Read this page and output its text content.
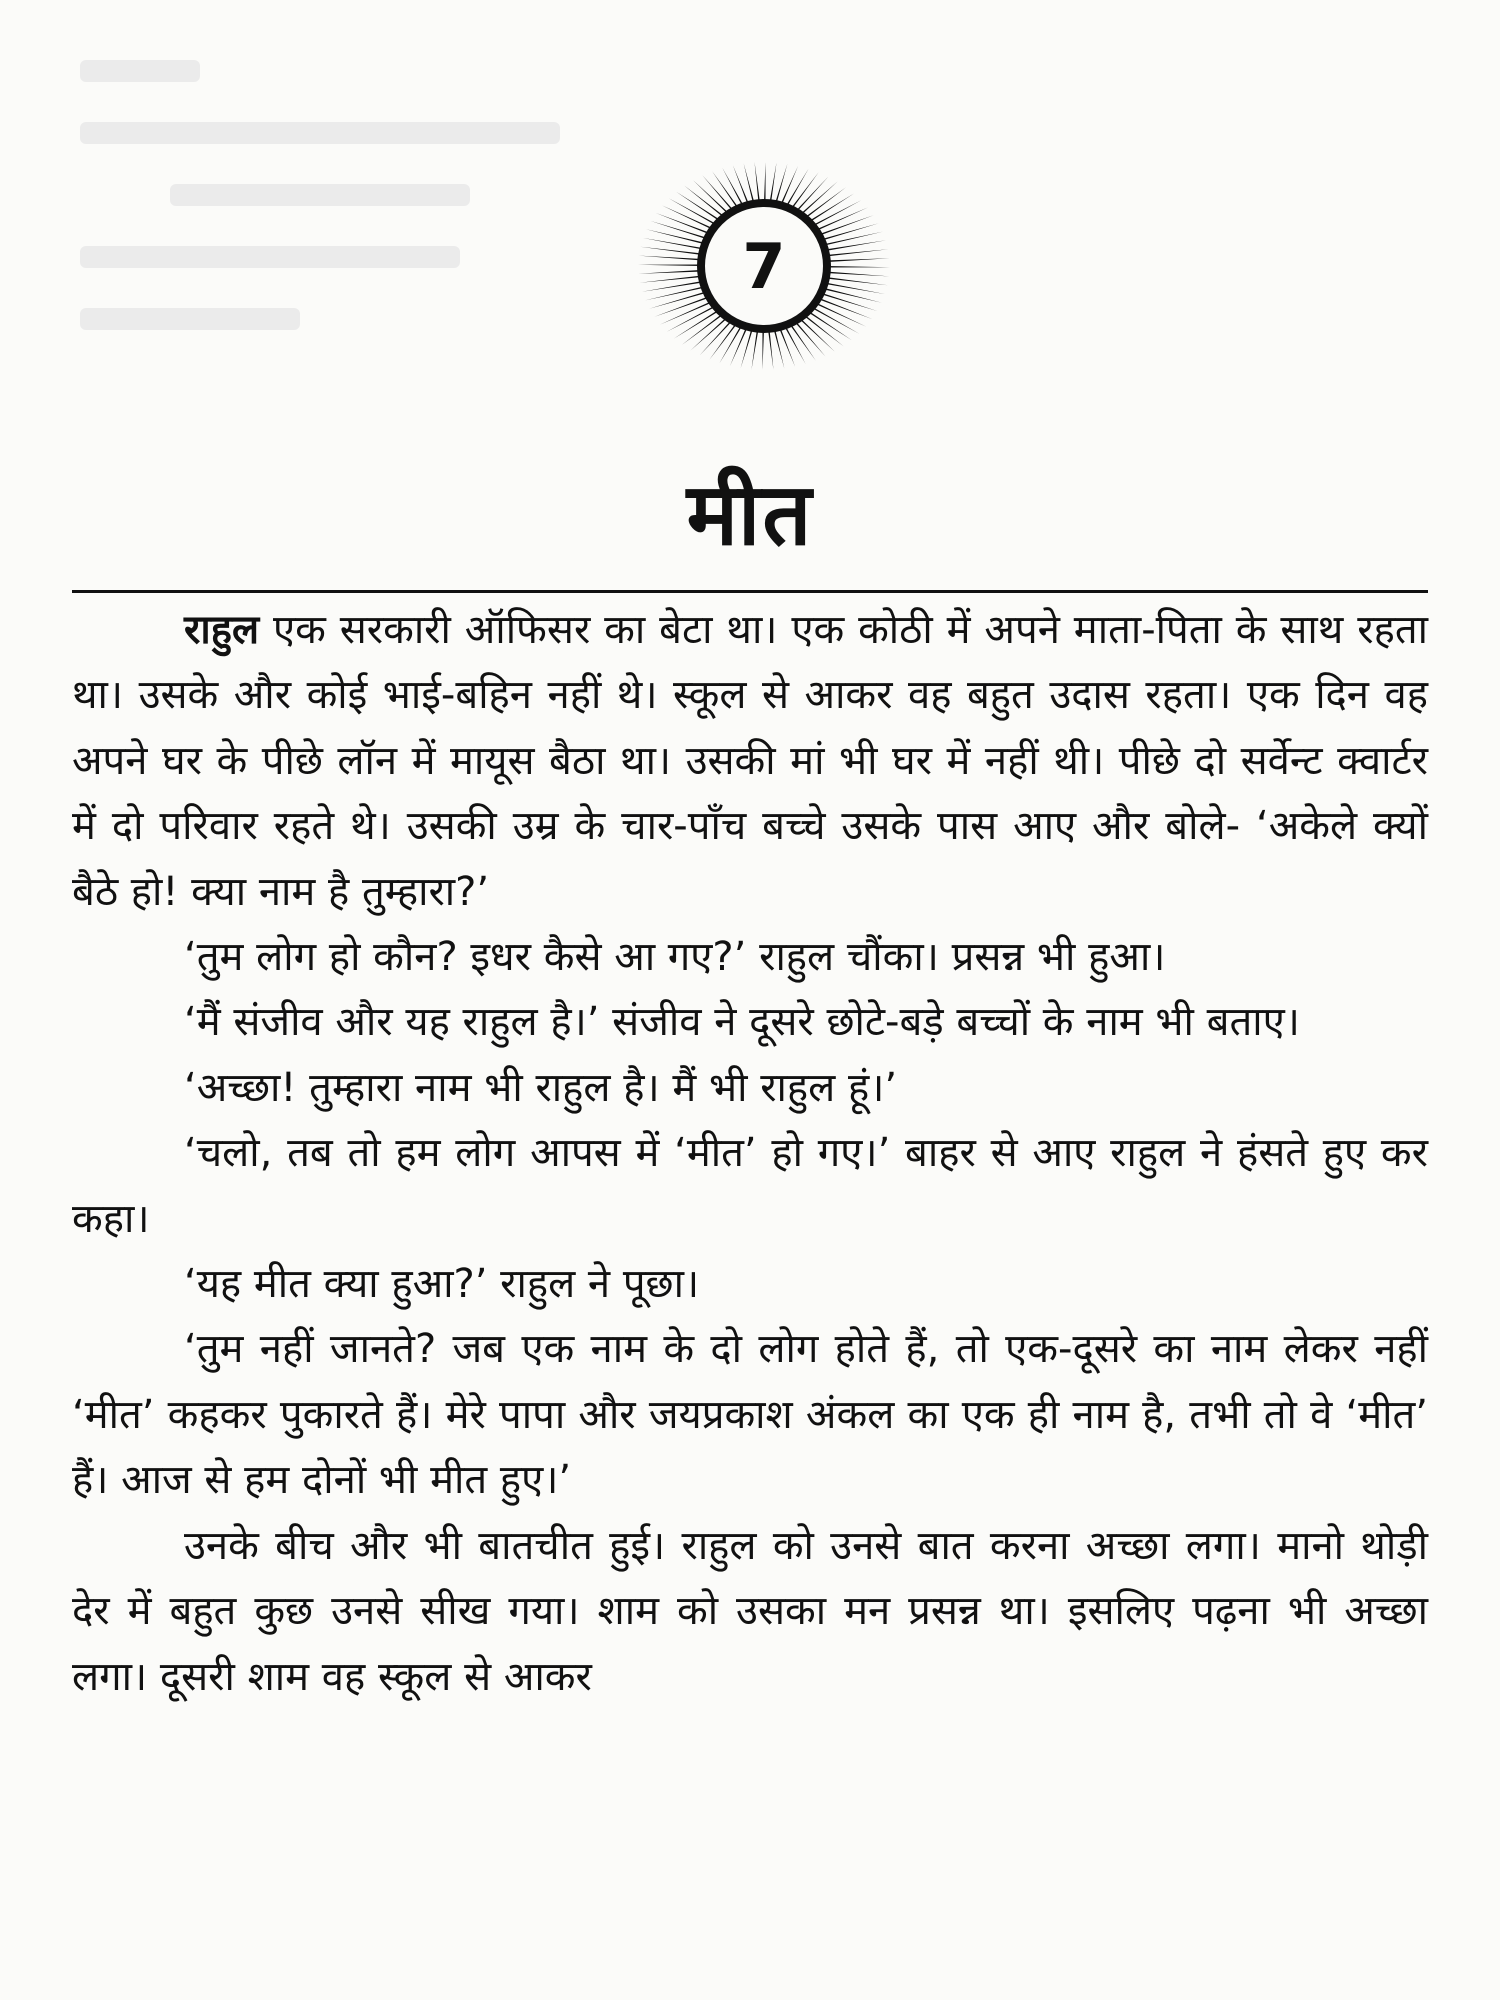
7
मीत

राहुल एक सरकारी ऑफिसर का बेटा था। एक कोठी में अपने माता-पिता के साथ रहता था। उसके और कोई भाई-बहिन नहीं थे। स्कूल से आकर वह बहुत उदास रहता। एक दिन वह अपने घर के पीछे लॉन में मायूस बैठा था। उसकी मां भी घर में नहीं थी। पीछे दो सर्वेन्ट क्वार्टर में दो परिवार रहते थे। उसकी उम्र के चार-पाँच बच्चे उसके पास आए और बोले- ‘अकेले क्यों बैठे हो! क्या नाम है तुम्हारा?’

‘तुम लोग हो कौन? इधर कैसे आ गए?’ राहुल चौंका। प्रसन्न भी हुआ।

‘मैं संजीव और यह राहुल है।’ संजीव ने दूसरे छोटे-बड़े बच्चों के नाम भी बताए।

‘अच्छा! तुम्हारा नाम भी राहुल है। मैं भी राहुल हूं।’

‘चलो, तब तो हम लोग आपस में ‘मीत’ हो गए।’ बाहर से आए राहुल ने हंसते हुए कर कहा।

‘यह मीत क्या हुआ?’ राहुल ने पूछा।

‘तुम नहीं जानते? जब एक नाम के दो लोग होते हैं, तो एक-दूसरे का नाम लेकर नहीं ‘मीत’ कहकर पुकारते हैं। मेरे पापा और जयप्रकाश अंकल का एक ही नाम है, तभी तो वे ‘मीत’ हैं। आज से हम दोनों भी मीत हुए।’

उनके बीच और भी बातचीत हुई। राहुल को उनसे बात करना अच्छा लगा। मानो थोड़ी देर में बहुत कुछ उनसे सीख गया। शाम को उसका मन प्रसन्न था। इसलिए पढ़ना भी अच्छा लगा। दूसरी शाम वह स्कूल से आकर
